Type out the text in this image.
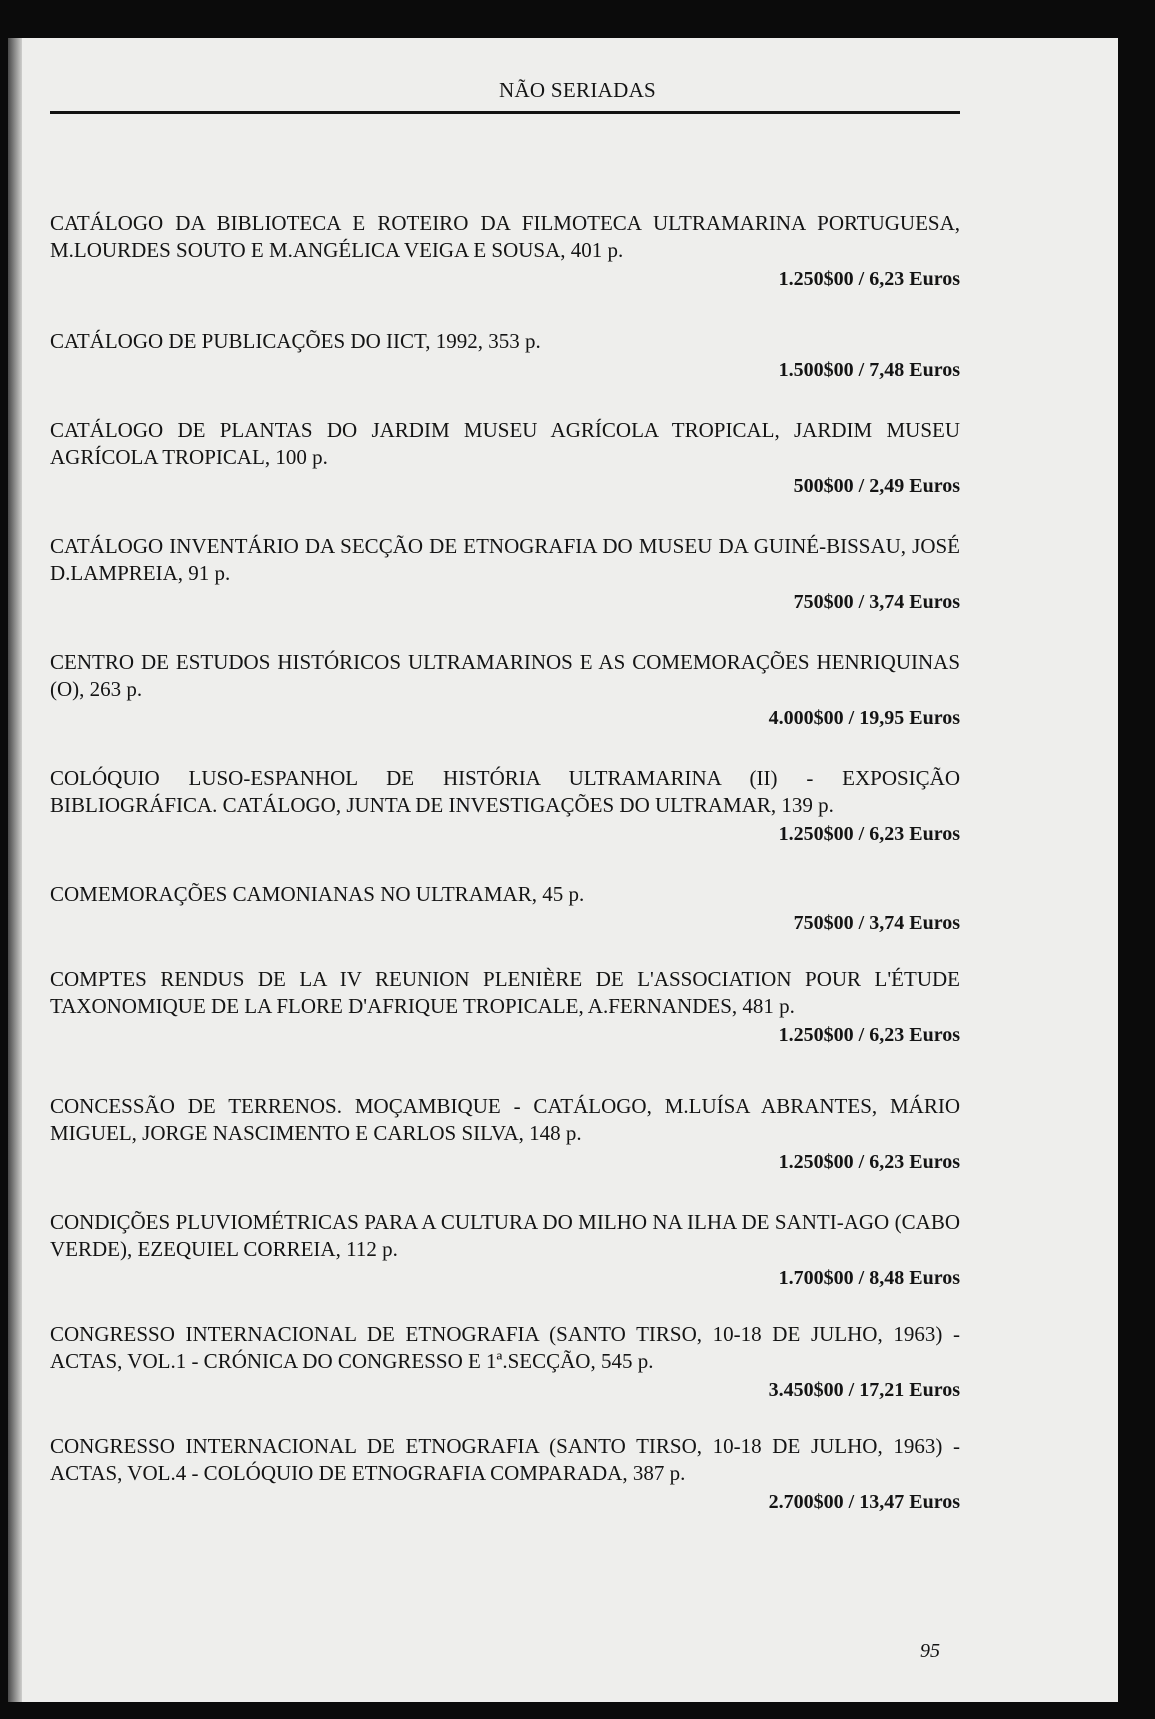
NÃO SERIADAS

CATÁLOGO DA BIBLIOTECA E ROTEIRO DA FILMOTECA ULTRAMARINA PORTUGUESA, M.LOURDES SOUTO E M.ANGÉLICA VEIGA E SOUSA, 401 p.

1.250$00 / 6,23 Euros

CATÁLOGO DE PUBLICAÇÕES DO IICT, 1992, 353 p.

1.500$00 / 7,48 Euros

CATÁLOGO DE PLANTAS DO JARDIM MUSEU AGRÍCOLA TROPICAL, JARDIM MUSEU AGRÍCOLA TROPICAL, 100 p.

500$00 / 2,49 Euros

CATÁLOGO INVENTÁRIO DA SECÇÃO DE ETNOGRAFIA DO MUSEU DA GUINÉ-BISSAU, JOSÉ D.LAMPREIA, 91 p.

750$00 / 3,74 Euros

CENTRO DE ESTUDOS HISTÓRICOS ULTRAMARINOS E AS COMEMORAÇÕES HENRIQUINAS (O), 263 p.

4.000$00 / 19,95 Euros

COLÓQUIO LUSO-ESPANHOL DE HISTÓRIA ULTRAMARINA (II) - EXPOSIÇÃO BIBLIOGRÁFICA. CATÁLOGO, JUNTA DE INVESTIGAÇÕES DO ULTRAMAR, 139 p.

1.250$00 / 6,23 Euros

COMEMORAÇÕES CAMONIANAS NO ULTRAMAR, 45 p.

750$00 / 3,74 Euros

COMPTES RENDUS DE LA IV REUNION PLENIÈRE DE L'ASSOCIATION POUR L'ÉTUDE TAXONOMIQUE DE LA FLORE D'AFRIQUE TROPICALE, A.FERNANDES, 481 p.

1.250$00 / 6,23 Euros

CONCESSÃO DE TERRENOS. MOÇAMBIQUE - CATÁLOGO, M.LUÍSA ABRANTES, MÁRIO MIGUEL, JORGE NASCIMENTO E CARLOS SILVA, 148 p.

1.250$00 / 6,23 Euros

CONDIÇÕES PLUVIOMÉTRICAS PARA A CULTURA DO MILHO NA ILHA DE SANTI-AGO (CABO VERDE), EZEQUIEL CORREIA, 112 p.

1.700$00 / 8,48 Euros

CONGRESSO INTERNACIONAL DE ETNOGRAFIA (SANTO TIRSO, 10-18 DE JULHO, 1963) - ACTAS, VOL.1 - CRÓNICA DO CONGRESSO E 1ª.SECÇÃO, 545 p.

3.450$00 / 17,21 Euros

CONGRESSO INTERNACIONAL DE ETNOGRAFIA (SANTO TIRSO, 10-18 DE JULHO, 1963) - ACTAS, VOL.4 - COLÓQUIO DE ETNOGRAFIA COMPARADA, 387 p.

2.700$00 / 13,47 Euros

95
